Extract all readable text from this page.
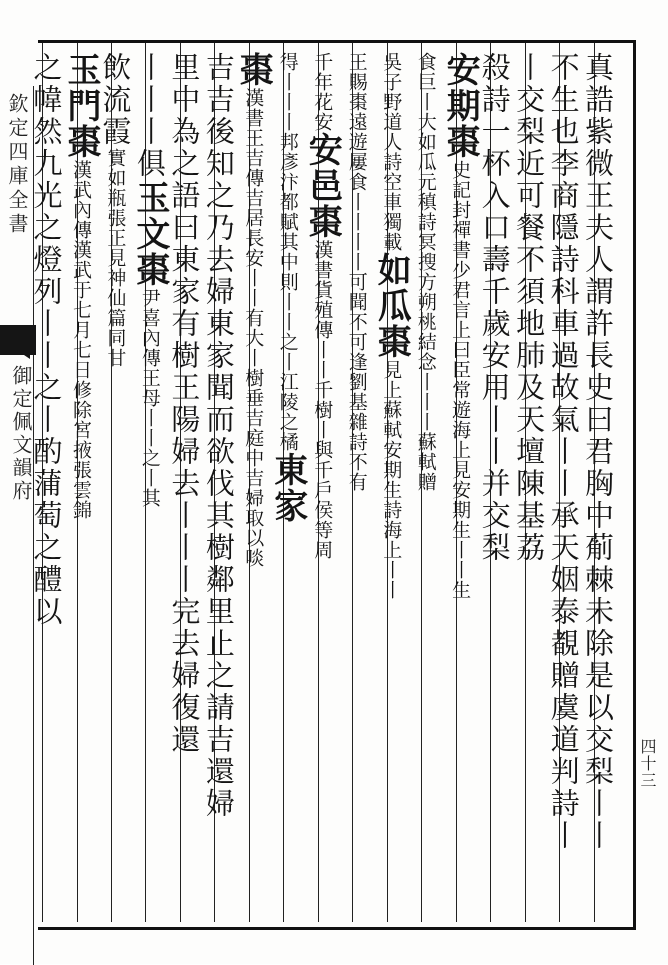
欽定四庫全書
御定佩文韻府	真誥紫微王夫人謂許長史曰君胸中葪棘未除是以交梨丨丨
不生也李商隱詩科車過故氣丨丨承天姻泰覩贈虞道判詩丨
丨交梨近可餐不須地肺及天壇陳基荔
殺詩一杯入口壽千歲安用丨丨并交梨
安期棗史記封禪書少君言上曰臣常遊海上見安期生丨丨生
食巨丨大如瓜元稹詩冥搜方朔桃結念丨丨丨蘇軾贈
吳子野道人詩空車獨載如瓜棗見上蘇軾安期生詩海上丨丨
王賜棗遠遊屢食丨丨丨丨可聞不可逢劉基雜詩不有
千年花安安邑棗漢書貨殖傳丨丨千樹丨與千戶侯等周
得丨丨丨邦彥汴都賦其中則丨丨之丨江陵之橘東家
棗漢書王吉傳吉居長安丨丨有大丨樹垂吉庭中吉婦取以啖
吉吉後知之乃去婦東家聞而欲伐其樹鄰里止之請吉還婦
里中為之語曰東家有樹王陽婦去丨丨丨完去婦復還
丨丨丨俱玉文棗尹喜內傳王母丨丨之丨其
飲流霞實如瓶張正見神仙篇同甘
玉門棗漢武內傳漢武于七月七日修除宮掖張雲錦
之幃然九光之燈列丨丨之丨酌蒲萄之醴以
四十三
